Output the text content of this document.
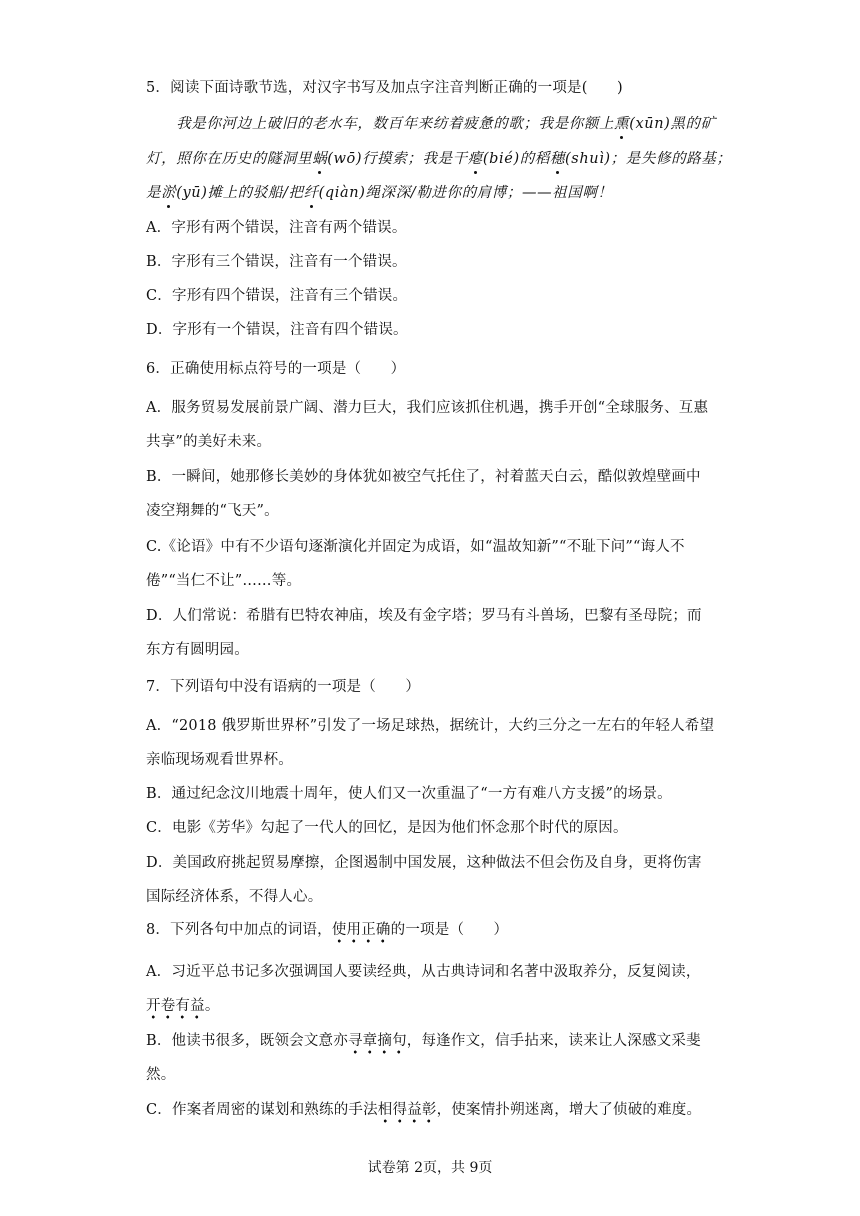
5．阅读下面诗歌节选，对汉字书写及加点字注音判断正确的一项是(　　)
　　我是你河边上破旧的老水车，数百年来纺着疲惫的歌；我是你额上熏(xūn)黑的矿
灯，照你在历史的隧洞里蜗(wō)行摸索；我是干瘪(bié)的稻穗(shuì)；是失修的路基；
是淤(yū)摊上的驳船/把纤(qiàn)绳深深/勒进你的肩博；——祖国啊！
A．字形有两个错误，注音有两个错误。
B．字形有三个错误，注音有一个错误。
C．字形有四个错误，注音有三个错误。
D．字形有一个错误，注音有四个错误。
6．正确使用标点符号的一项是（　　）
A．服务贸易发展前景广阔、潜力巨大，我们应该抓住机遇，携手开创“全球服务、互惠
共享”的美好未来。
B．一瞬间，她那修长美妙的身体犹如被空气托住了，衬着蓝天白云，酷似敦煌壁画中
凌空翔舞的“飞天”。
C.《论语》中有不少语句逐渐演化并固定为成语，如“温故知新”“不耻下问”“诲人不
倦”“当仁不让”……等。
D．人们常说：希腊有巴特农神庙，埃及有金字塔；罗马有斗兽场，巴黎有圣母院；而
东方有圆明园。
7．下列语句中没有语病的一项是（　　）
A．“2018 俄罗斯世界杯”引发了一场足球热，据统计，大约三分之一左右的年轻人希望
亲临现场观看世界杯。
B．通过纪念汶川地震十周年，使人们又一次重温了“一方有难八方支援”的场景。
C．电影《芳华》勾起了一代人的回忆，是因为他们怀念那个时代的原因。
D．美国政府挑起贸易摩擦，企图遏制中国发展，这种做法不但会伤及自身，更将伤害
国际经济体系，不得人心。
8．下列各句中加点的词语，使用正确的一项是（　　）
A．习近平总书记多次强调国人要读经典，从古典诗词和名著中汲取养分，反复阅读，
开卷有益。
B．他读书很多，既领会文意亦寻章摘句，每逢作文，信手拈来，读来让人深感文采斐
然。
C．作案者周密的谋划和熟练的手法相得益彰，使案情扑朔迷离，增大了侦破的难度。
试卷第 2页，共 9页
